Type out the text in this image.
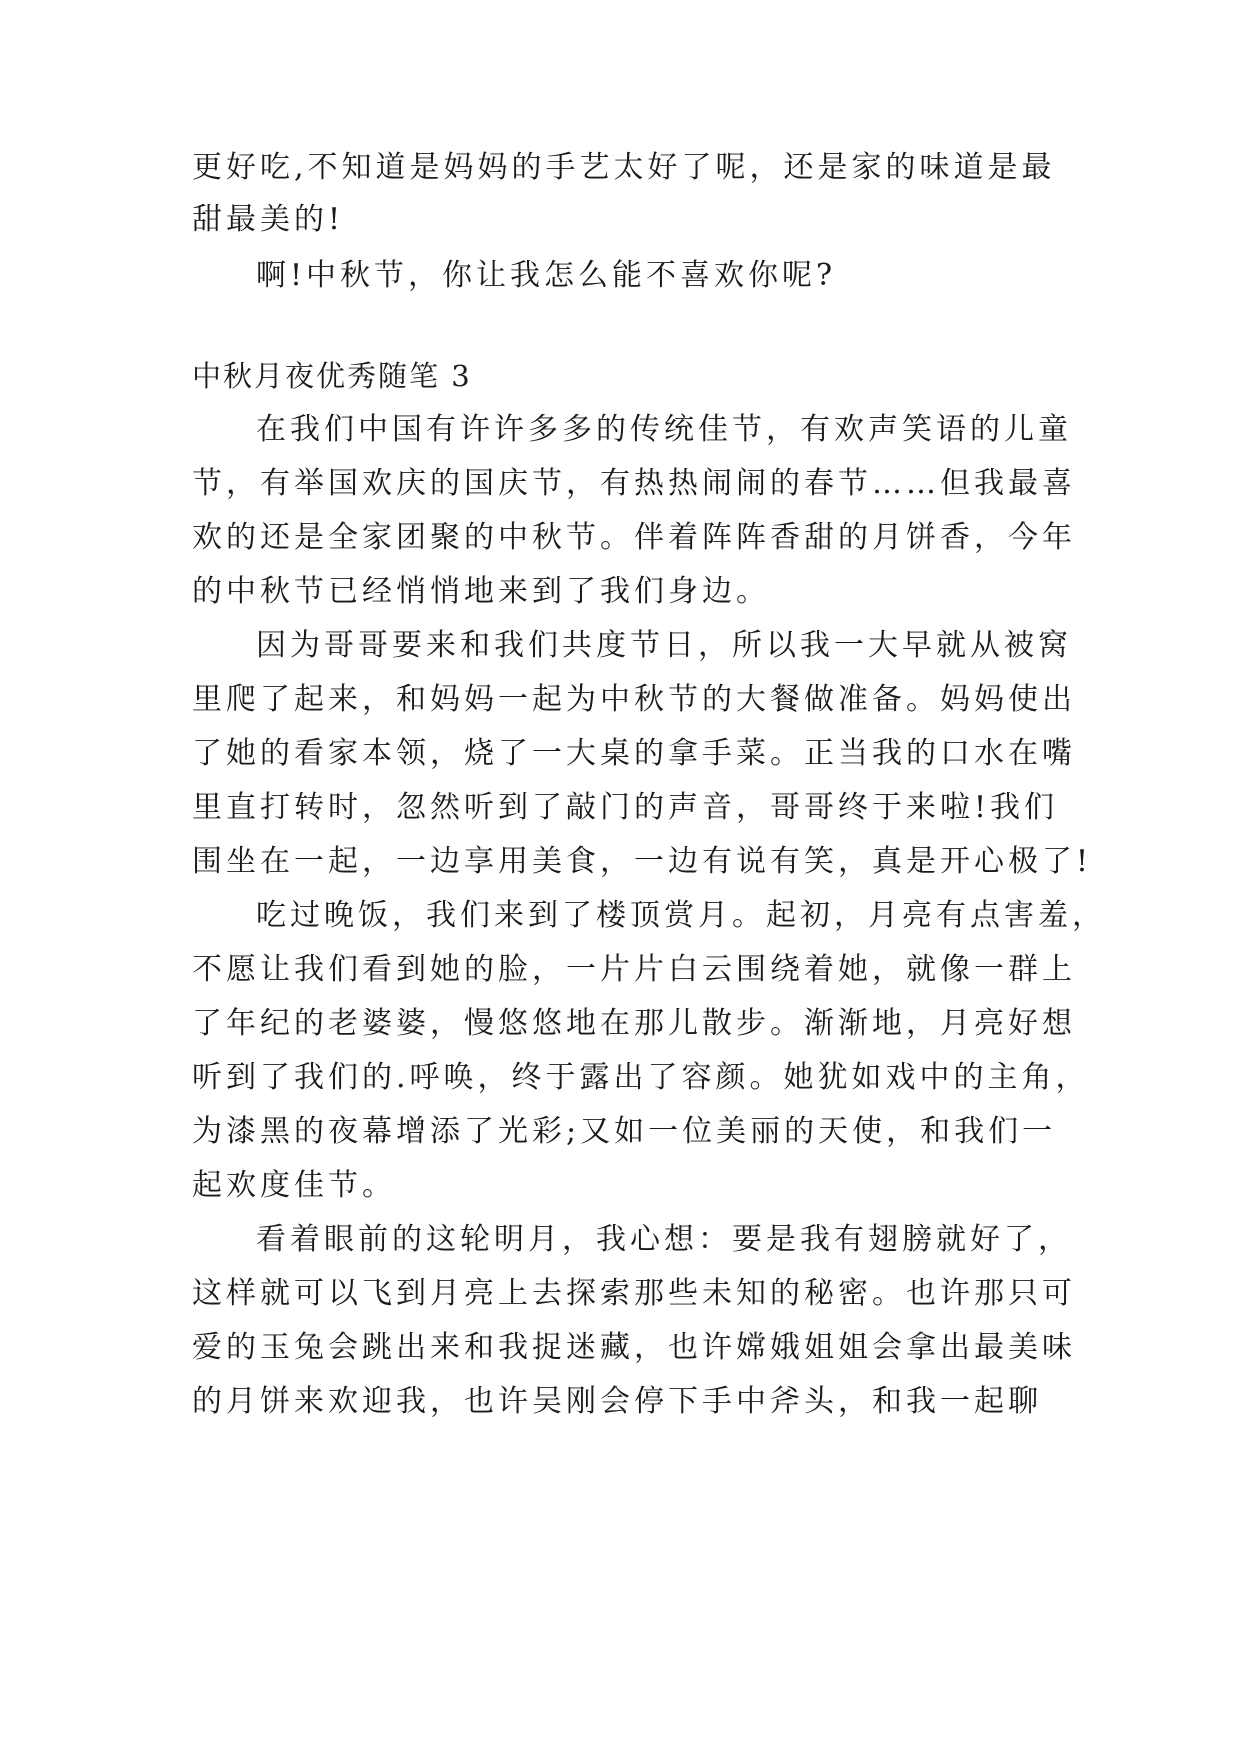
更好吃,不知道是妈妈的手艺太好了呢，还是家的味道是最
甜最美的!
啊!中秋节，你让我怎么能不喜欢你呢?
中秋月夜优秀随笔 3
在我们中国有许许多多的传统佳节，有欢声笑语的儿童
节，有举国欢庆的国庆节，有热热闹闹的春节……但我最喜
欢的还是全家团聚的中秋节。伴着阵阵香甜的月饼香，今年
的中秋节已经悄悄地来到了我们身边。
因为哥哥要来和我们共度节日，所以我一大早就从被窝
里爬了起来，和妈妈一起为中秋节的大餐做准备。妈妈使出
了她的看家本领，烧了一大桌的拿手菜。正当我的口水在嘴
里直打转时，忽然听到了敲门的声音，哥哥终于来啦!我们
围坐在一起，一边享用美食，一边有说有笑，真是开心极了!
吃过晚饭，我们来到了楼顶赏月。起初，月亮有点害羞，
不愿让我们看到她的脸，一片片白云围绕着她，就像一群上
了年纪的老婆婆，慢悠悠地在那儿散步。渐渐地，月亮好想
听到了我们的.呼唤，终于露出了容颜。她犹如戏中的主角，
为漆黑的夜幕增添了光彩;又如一位美丽的天使，和我们一
起欢度佳节。
看着眼前的这轮明月，我心想：要是我有翅膀就好了，
这样就可以飞到月亮上去探索那些未知的秘密。也许那只可
爱的玉兔会跳出来和我捉迷藏，也许嫦娥姐姐会拿出最美味
的月饼来欢迎我，也许吴刚会停下手中斧头，和我一起聊
